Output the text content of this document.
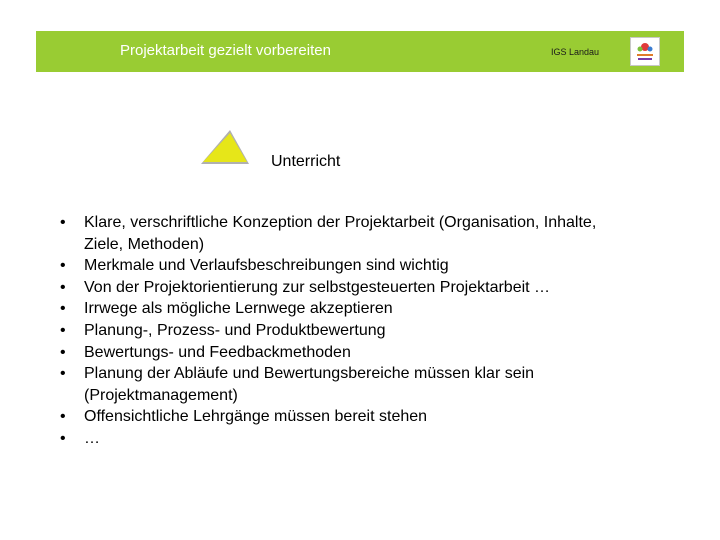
Projektarbeit gezielt vorbereiten	IGS Landau
Unterricht
• Klare, verschriftliche Konzeption der Projektarbeit (Organisation, Inhalte,
Ziele, Methoden)
• Merkmale und Verlaufsbeschreibungen sind wichtig
• Von der Projektorientierung zur selbstgesteuerten Projektarbeit …
• Irrwege als mögliche Lernwege akzeptieren
• Planung-, Prozess- und Produktbewertung
• Bewertungs- und Feedbackmethoden
• Planung der Abläufe und Bewertungsbereiche müssen klar sein
(Projektmanagement)
• Offensichtliche Lehrgänge müssen bereit stehen
• …
